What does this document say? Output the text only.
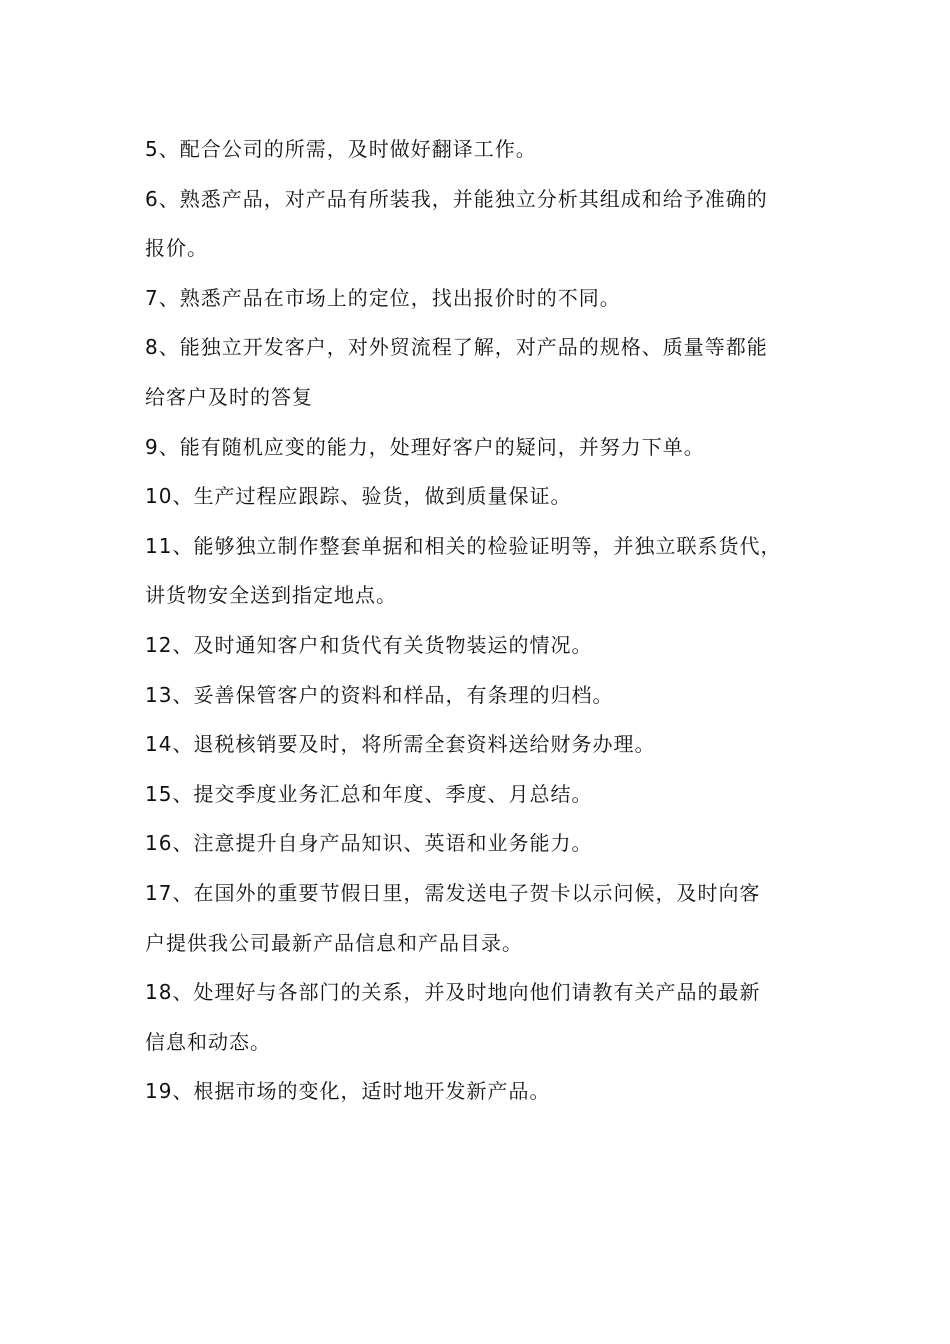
5、配合公司的所需，及时做好翻译工作。
6、熟悉产品，对产品有所装我，并能独立分析其组成和给予准确的
报价。
7、熟悉产品在市场上的定位，找出报价时的不同。
8、能独立开发客户，对外贸流程了解，对产品的规格、质量等都能
给客户及时的答复
9、能有随机应变的能力，处理好客户的疑问，并努力下单。
10、生产过程应跟踪、验货，做到质量保证。
11、能够独立制作整套单据和相关的检验证明等，并独立联系货代，
讲货物安全送到指定地点。
12、及时通知客户和货代有关货物装运的情况。
13、妥善保管客户的资料和样品，有条理的归档。
14、退税核销要及时，将所需全套资料送给财务办理。
15、提交季度业务汇总和年度、季度、月总结。
16、注意提升自身产品知识、英语和业务能力。
17、在国外的重要节假日里，需发送电子贺卡以示问候，及时向客
户提供我公司最新产品信息和产品目录。
18、处理好与各部门的关系，并及时地向他们请教有关产品的最新
信息和动态。
19、根据市场的变化，适时地开发新产品。
